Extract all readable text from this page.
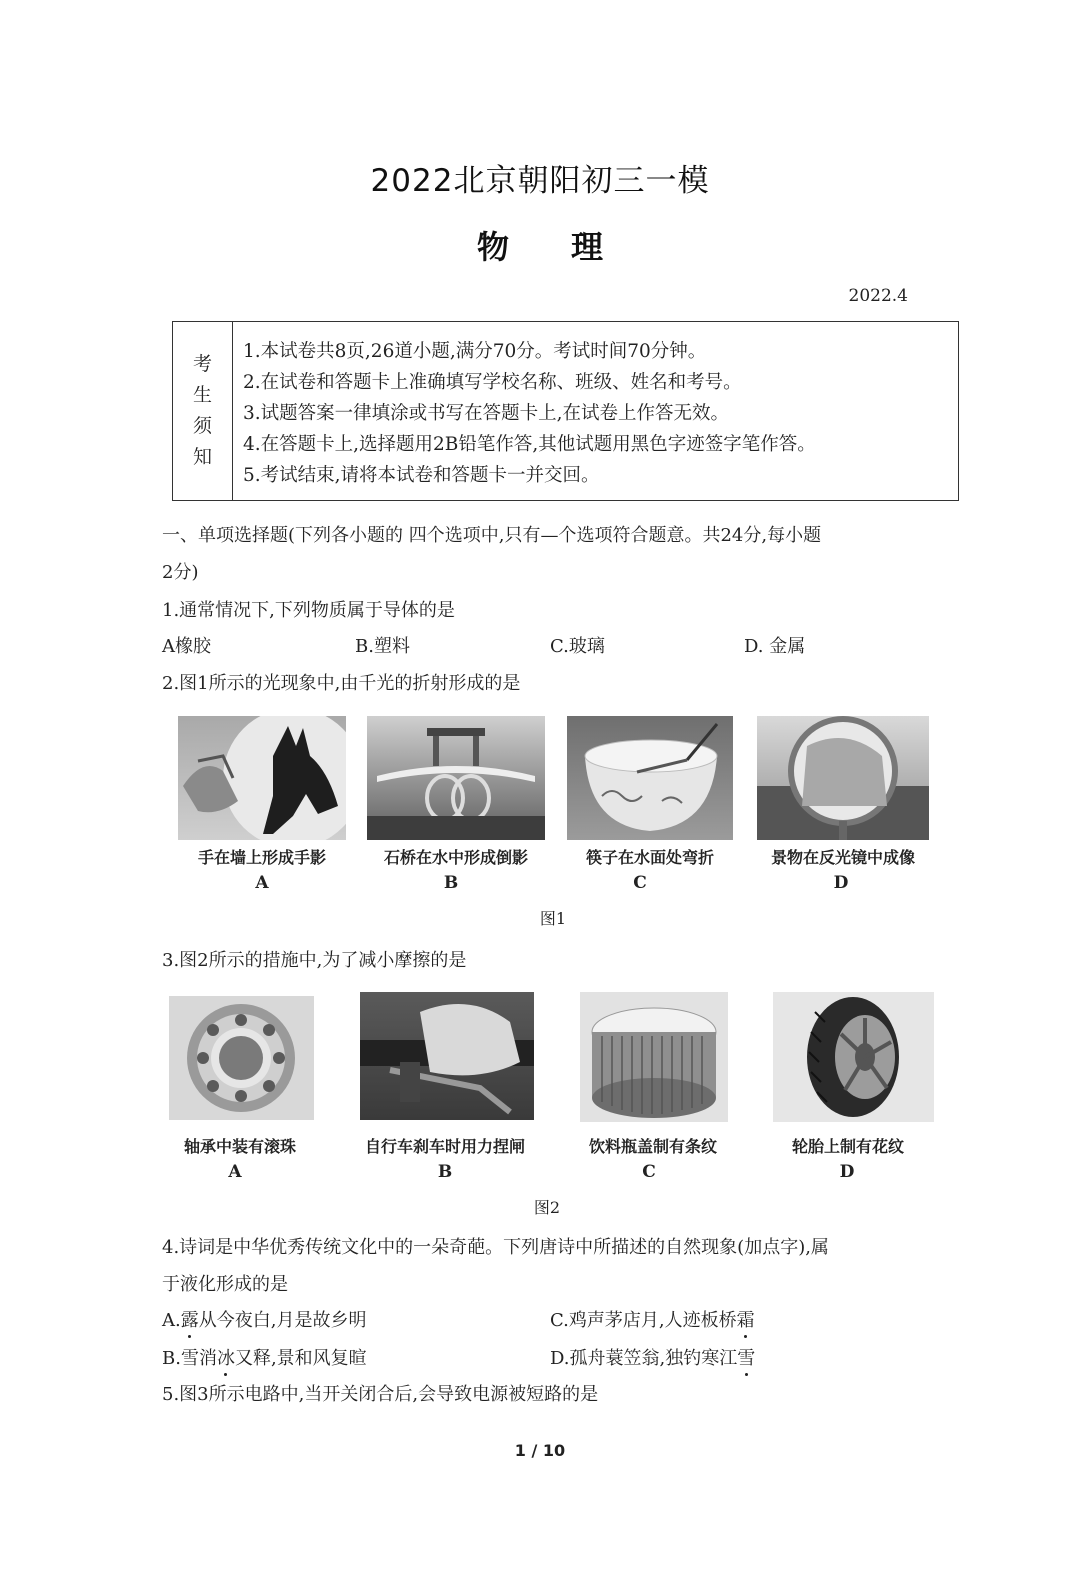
2022北京朝阳初三一模
物 理
2022.4
考
生
须
知
1.本试卷共8页,26道小题,满分70分。考试时间70分钟。
2.在试卷和答题卡上准确填写学校名称、班级、姓名和考号。
3.试题答案一律填涂或书写在答题卡上,在试卷上作答无效。
4.在答题卡上,选择题用2B铅笔作答,其他试题用黑色字迹签字笔作答。
5.考试结束,请将本试卷和答题卡一并交回。
一、单项选择题(下列各小题的 四个选项中,只有—个选项符合题意。共24分,每小题
2分)
1.通常情况下,下列物质属于导体的是
A橡胶	B.塑料	C.玻璃	D. 金属
2.图1所示的光现象中,由千光的折射形成的是
手在墙上形成手影	石桥在水中形成倒影	筷子在水面处弯折	景物在反光镜中成像
A	B	C	D
图1
3.图2所示的措施中,为了减小摩擦的是
轴承中装有滚珠	自行车刹车时用力捏闸	饮料瓶盖制有条纹	轮胎上制有花纹
A	B	C	D
图2
4.诗词是中华优秀传统文化中的一朵奇葩。下列唐诗中所描述的自然现象(加点字),属
于液化形成的是
A.露从今夜白,月是故乡明	C.鸡声茅店月,人迹板桥霜
B.雪消冰又释,景和风复暄	D.孤舟蓑笠翁,独钓寒江雪
5.图3所示电路中,当开关闭合后,会导致电源被短路的是
1 / 10
